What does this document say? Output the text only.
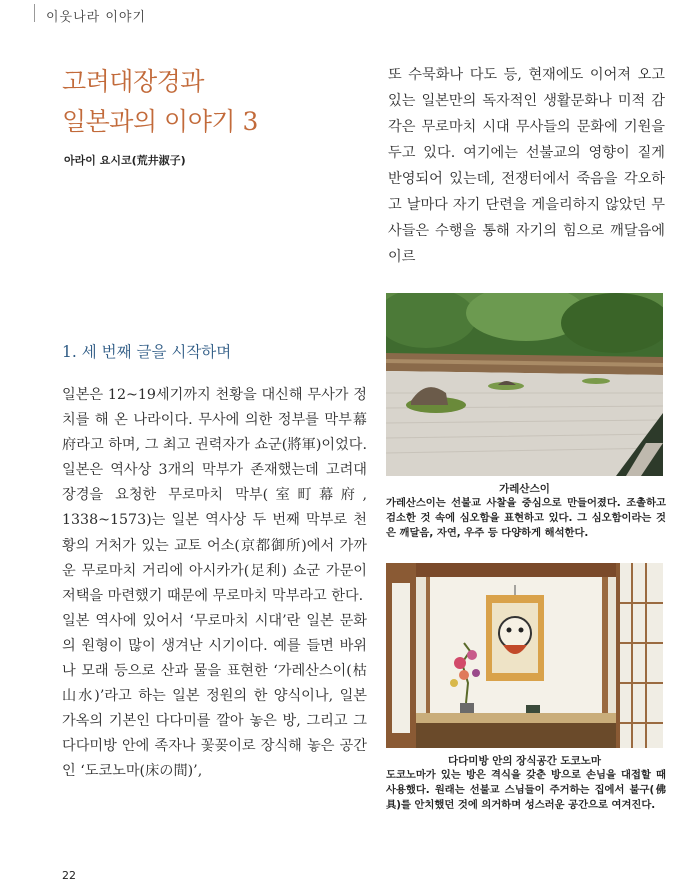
이웃나라 이야기
고려대장경과
일본과의 이야기 3
아라이 요시코(荒井淑子)

또 수묵화나 다도 등, 현재에도 이어져 오고 있는 일본만의 독자적인 생활문화나 미적 감각은 무로마치 시대 무사들의 문화에 기원을 두고 있다. 여기에는 선불교의 영향이 짙게 반영되어 있는데, 전쟁터에서 죽음을 각오하고 날마다 자기 단련을 게을리하지 않았던 무사들은 수행을 통해 자기의 힘으로 깨달음에 이르

1. 세 번째 글을 시작하며

일본은 12~19세기까지 천황을 대신해 무사가 정치를 해 온 나라이다. 무사에 의한 정부를 막부幕府라고 하며, 그 최고 권력자가 쇼군(將軍)이었다. 일본은 역사상 3개의 막부가 존재했는데 고려대장경을 요청한 무로마치 막부(室町幕府, 1338~1573)는 일본 역사상 두 번째 막부로 천황의 거처가 있는 교토 어소(京都御所)에서 가까운 무로마치 거리에 아시카가(足利) 쇼군 가문이 저택을 마련했기 때문에 무로마치 막부라고 한다.

일본 역사에 있어서 ‘무로마치 시대’란 일본 문화의 원형이 많이 생겨난 시기이다. 예를 들면 바위나 모래 등으로 산과 물을 표현한 ‘가레산스이(枯山水)’라고 하는 일본 정원의 한 양식이나, 일본 가옥의 기본인 다다미를 깔아 놓은 방, 그리고 그 다다미방 안에 족자나 꽃꽂이로 장식해 놓은 공간인 ‘도코노마(床の間)’,

가레산스이
가레산스이는 선불교 사찰을 중심으로 만들어졌다. 조촐하고 검소한 것 속에 심오함을 표현하고 있다. 그 심오함이라는 것은 깨달음, 자연, 우주 등 다양하게 해석한다.
다다미방 안의 장식공간 도코노마
도코노마가 있는 방은 격식을 갖춘 방으로 손님을 대접할 때 사용했다. 원래는 선불교 스님들이 주거하는 집에서 불구(佛具)를 안치했던 것에 의거하며 성스러운 공간으로 여겨진다.
22
